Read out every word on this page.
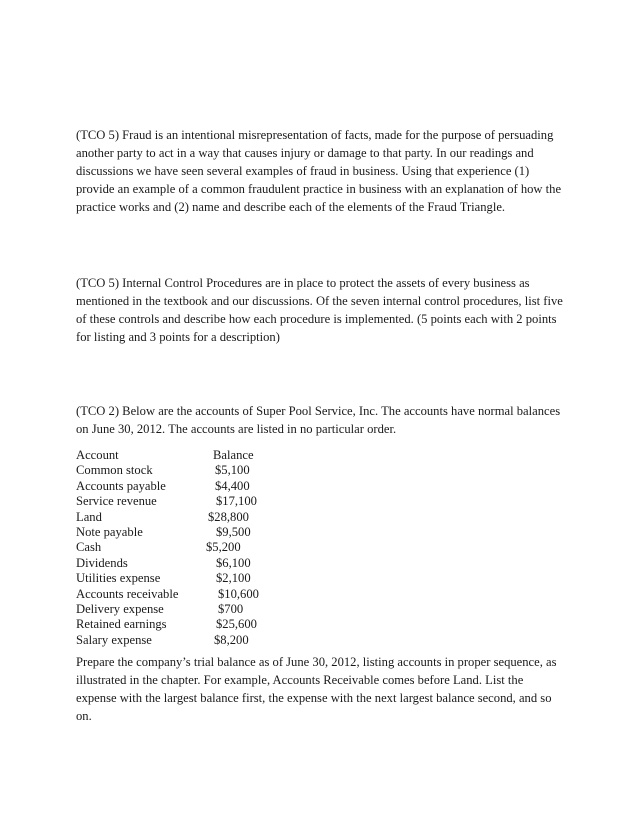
(TCO 5) Fraud is an intentional misrepresentation of facts, made for the purpose of persuading
another party to act in a way that causes injury or damage to that party. In our readings and
discussions we have seen several examples of fraud in business. Using that experience (1)
provide an example of a common fraudulent practice in business with an explanation of how the
practice works and (2) name and describe each of the elements of the Fraud Triangle.

(TCO 5) Internal Control Procedures are in place to protect the assets of every business as
mentioned in the textbook and our discussions. Of the seven internal control procedures, list five
of these controls and describe how each procedure is implemented. (5 points each with 2 points
for listing and 3 points for a description)

(TCO 2) Below are the accounts of Super Pool Service, Inc. The accounts have normal balances
on June 30, 2012. The accounts are listed in no particular order.

Account	Balance
Common stock	$5,100
Accounts payable	$4,400
Service revenue	$17,100
Land	$28,800
Note payable	$9,500
Cash	$5,200
Dividends	$6,100
Utilities expense	$2,100
Accounts receivable	$10,600
Delivery expense	$700
Retained earnings	$25,600
Salary expense	$8,200

Prepare the company’s trial balance as of June 30, 2012, listing accounts in proper sequence, as
illustrated in the chapter. For example, Accounts Receivable comes before Land. List the
expense with the largest balance first, the expense with the next largest balance second, and so
on.
